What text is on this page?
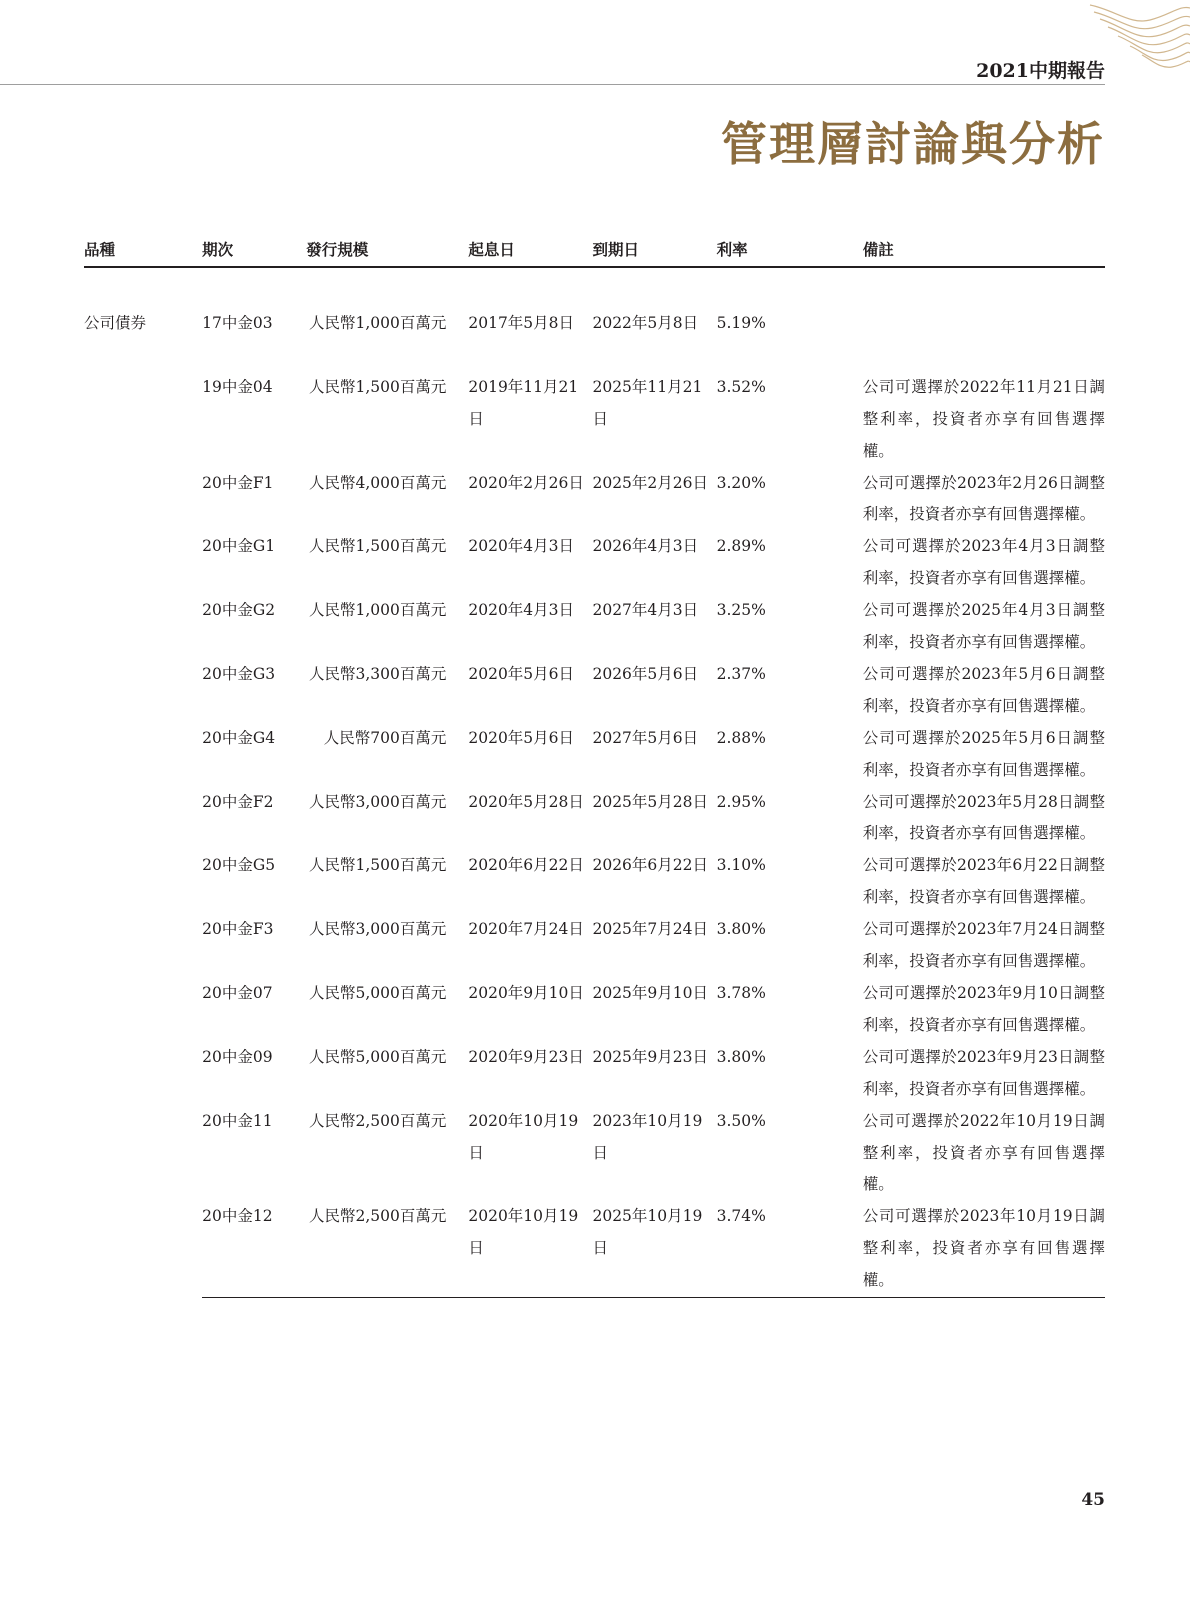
2021中期報告
管理層討論與分析
品種	期次	發行規模	起息日	到期日	利率	備註

公司債券	17中金03	人民幣1,000百萬元	2017年5月8日	2022年5月8日	5.19%	
	19中金04	人民幣1,500百萬元	2019年11月21日	2025年11月21日	3.52%	公司可選擇於2022年11月21日調整利率，投資者亦享有回售選擇權。
	20中金F1	人民幣4,000百萬元	2020年2月26日	2025年2月26日	3.20%	公司可選擇於2023年2月26日調整利率，投資者亦享有回售選擇權。
	20中金G1	人民幣1,500百萬元	2020年4月3日	2026年4月3日	2.89%	公司可選擇於2023年4月3日調整利率，投資者亦享有回售選擇權。
	20中金G2	人民幣1,000百萬元	2020年4月3日	2027年4月3日	3.25%	公司可選擇於2025年4月3日調整利率，投資者亦享有回售選擇權。
	20中金G3	人民幣3,300百萬元	2020年5月6日	2026年5月6日	2.37%	公司可選擇於2023年5月6日調整利率，投資者亦享有回售選擇權。
	20中金G4	人民幣700百萬元	2020年5月6日	2027年5月6日	2.88%	公司可選擇於2025年5月6日調整利率，投資者亦享有回售選擇權。
	20中金F2	人民幣3,000百萬元	2020年5月28日	2025年5月28日	2.95%	公司可選擇於2023年5月28日調整利率，投資者亦享有回售選擇權。
	20中金G5	人民幣1,500百萬元	2020年6月22日	2026年6月22日	3.10%	公司可選擇於2023年6月22日調整利率，投資者亦享有回售選擇權。
	20中金F3	人民幣3,000百萬元	2020年7月24日	2025年7月24日	3.80%	公司可選擇於2023年7月24日調整利率，投資者亦享有回售選擇權。
	20中金07	人民幣5,000百萬元	2020年9月10日	2025年9月10日	3.78%	公司可選擇於2023年9月10日調整利率，投資者亦享有回售選擇權。
	20中金09	人民幣5,000百萬元	2020年9月23日	2025年9月23日	3.80%	公司可選擇於2023年9月23日調整利率，投資者亦享有回售選擇權。
	20中金11	人民幣2,500百萬元	2020年10月19日	2023年10月19日	3.50%	公司可選擇於2022年10月19日調整利率，投資者亦享有回售選擇權。
	20中金12	人民幣2,500百萬元	2020年10月19日	2025年10月19日	3.74%	公司可選擇於2023年10月19日調整利率，投資者亦享有回售選擇權。
45
